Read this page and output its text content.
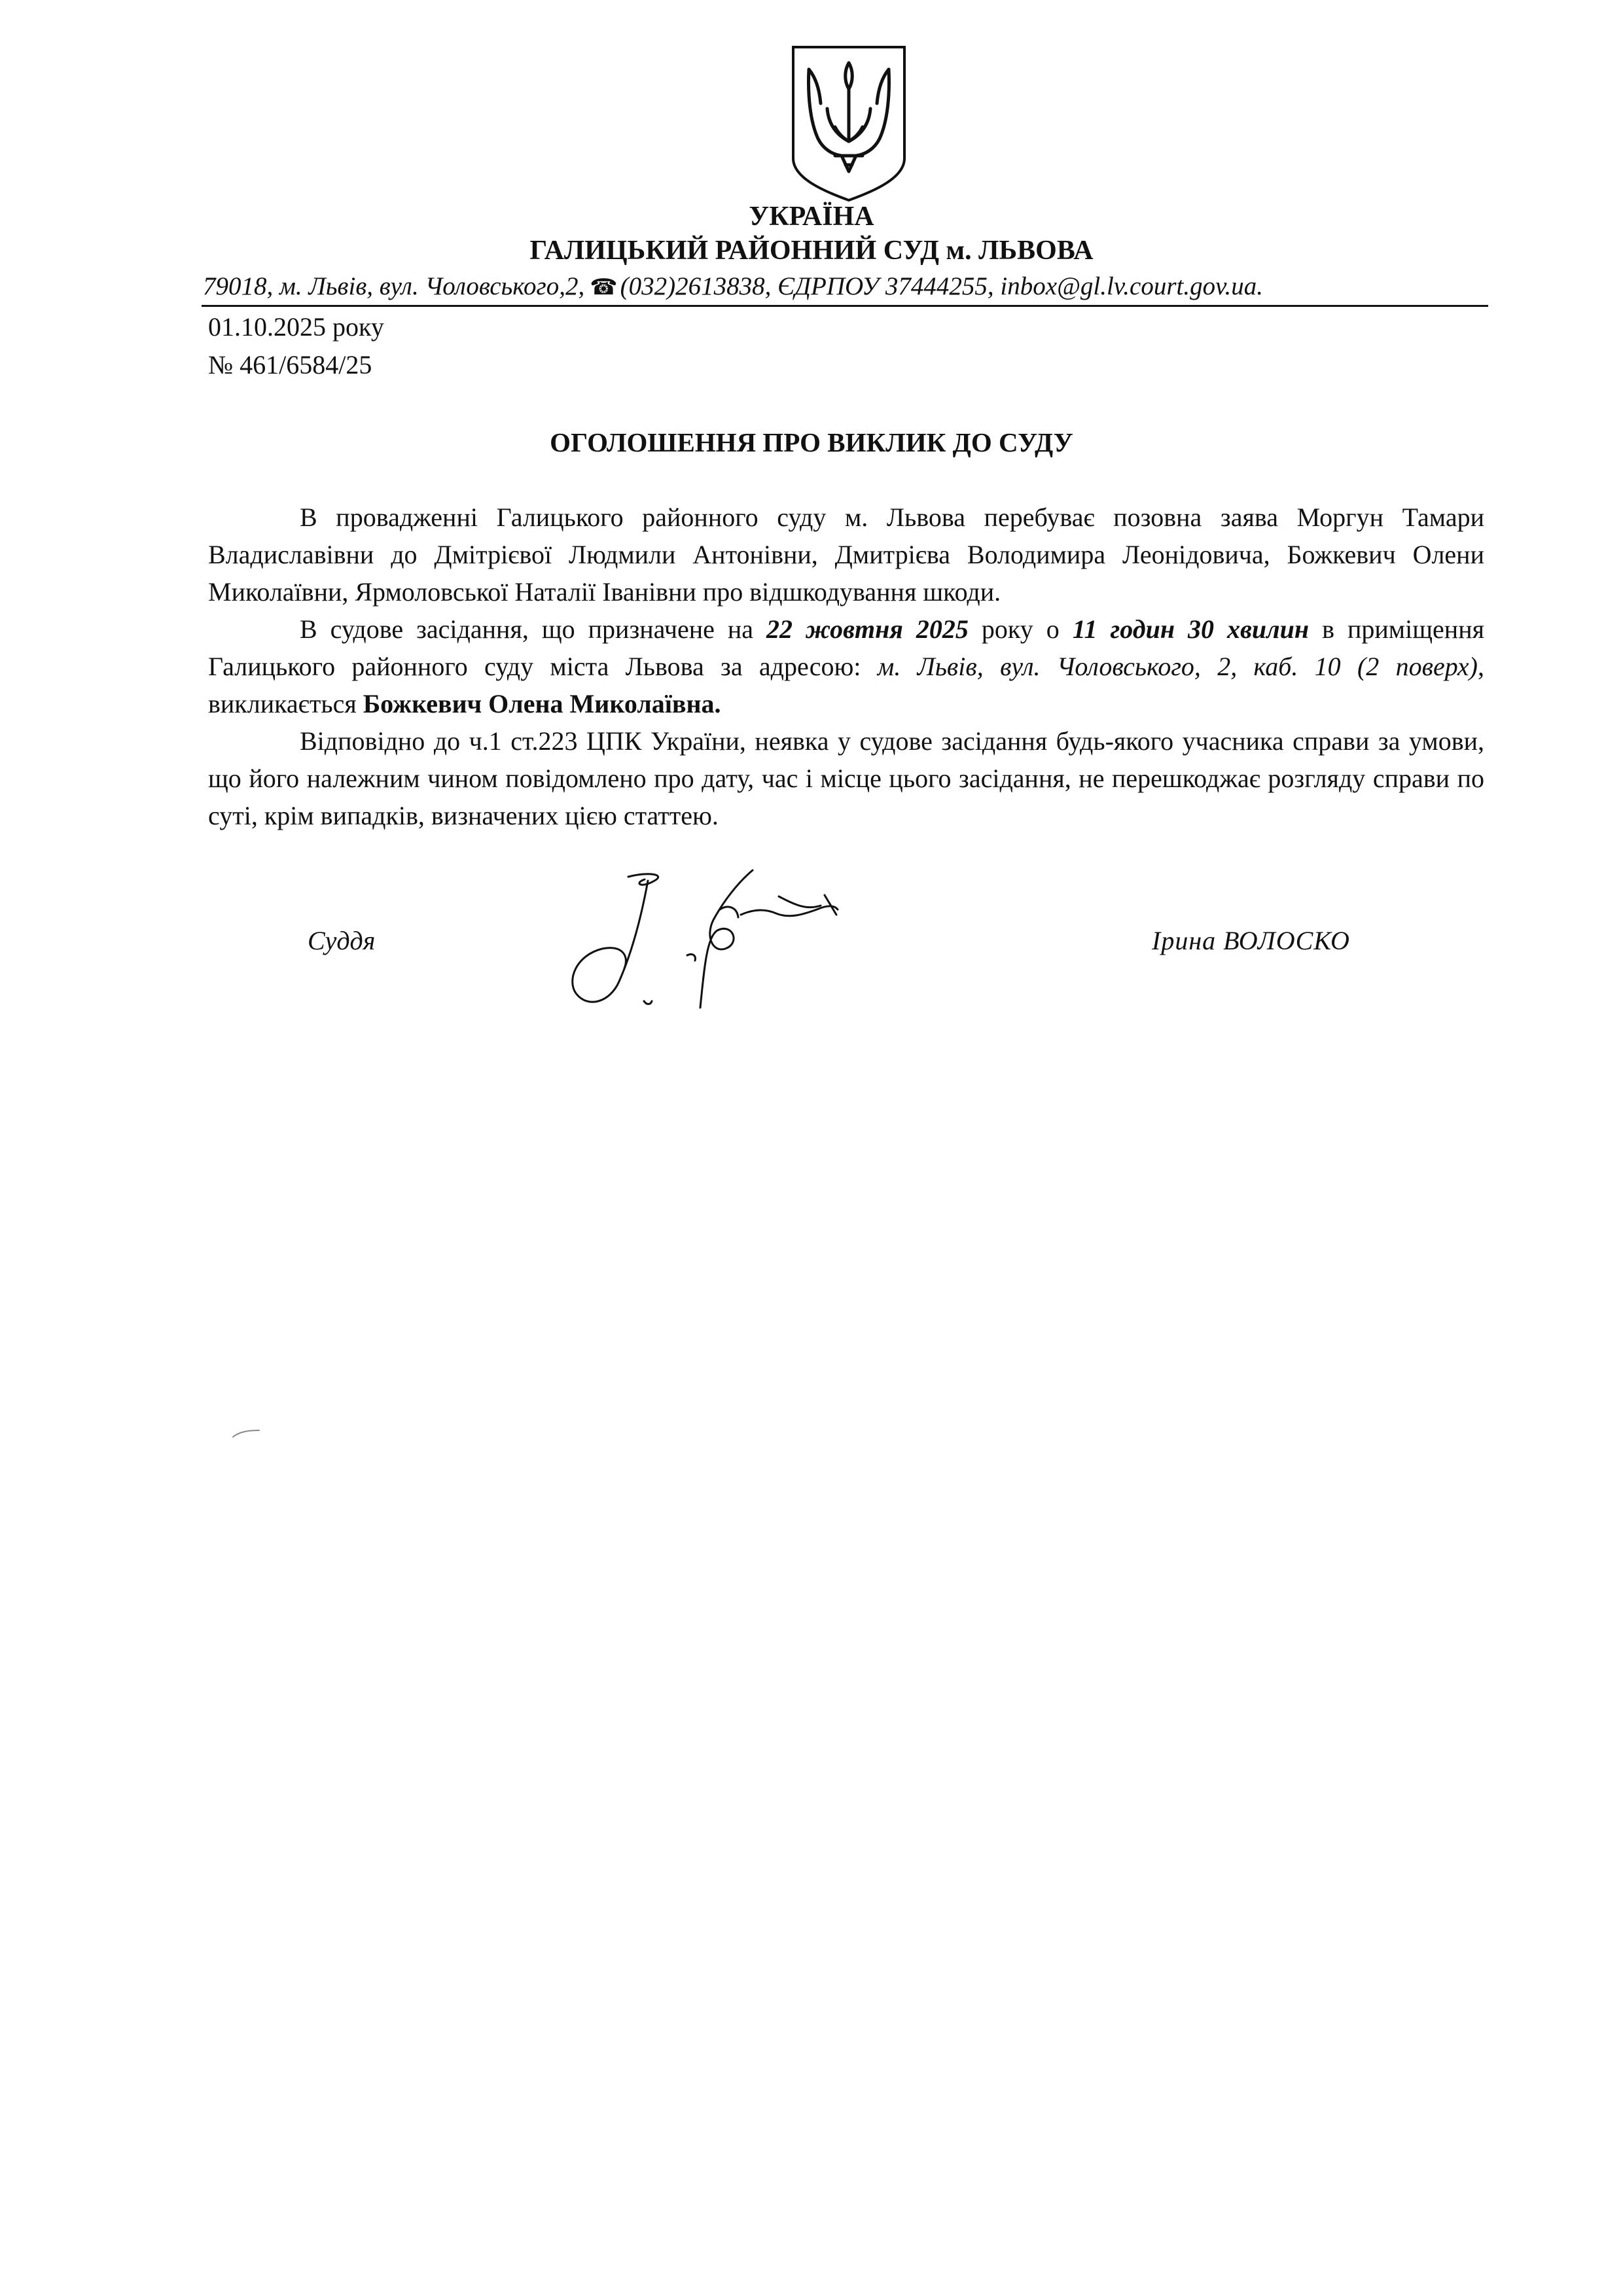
УКРАЇНА
ГАЛИЦЬКИЙ РАЙОННИЙ СУД м. ЛЬВОВА
79018, м. Львів, вул. Чоловського,2, ☎ (032)2613838, ЄДРПОУ 37444255, inbox@gl.lv.court.gov.ua.
01.10.2025 року
№ 461/6584/25
ОГОЛОШЕННЯ ПРО ВИКЛИК ДО СУДУ

В провадженні Галицького районного суду м. Львова перебуває позовна заява Моргун Тамари Владиславівни до Дмітрієвої Людмили Антонівни, Дмитрієва Володимира Леонідовича, Божкевич Олени Миколаївни, Ярмоловської Наталії Іванівни про відшкодування шкоди.

В судове засідання, що призначене на 22 жовтня 2025 року о 11 годин 30 хвилин в приміщення Галицького районного суду міста Львова за адресою: м. Львів, вул. Чоловського, 2, каб. 10 (2 поверх), викликається Божкевич Олена Миколаївна.

Відповідно до ч.1 ст.223 ЦПК України, неявка у судове засідання будь-якого учасника справи за умови, що його належним чином повідомлено про дату, час і місце цього засідання, не перешкоджає розгляду справи по суті, крім випадків, визначених цією статтею.

Суддя	Ірина ВОЛОСКО
